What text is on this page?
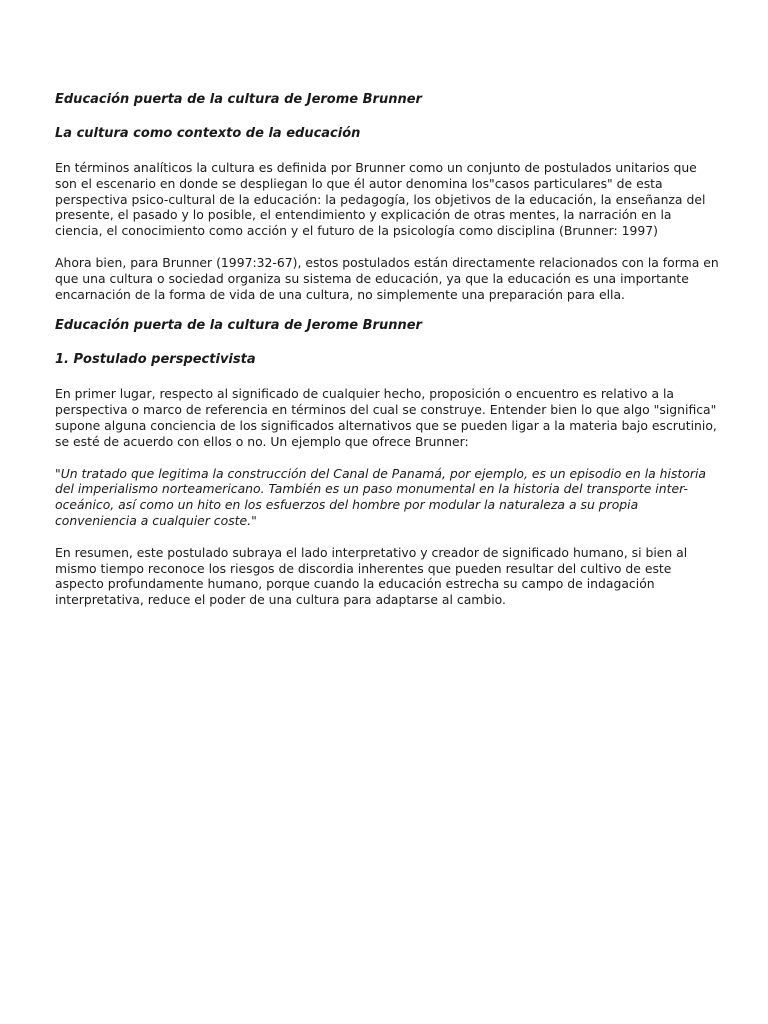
Educación puerta de la cultura de Jerome Brunner
La cultura como contexto de la educación

En términos analíticos la cultura es definida por Brunner como un conjunto de postulados unitarios que son el escenario en donde se despliegan lo que él autor denomina los"casos particulares" de esta perspectiva psico-cultural de la educación: la pedagogía, los objetivos de la educación, la enseñanza del presente, el pasado y lo posible, el entendimiento y explicación de otras mentes, la narración en la ciencia, el conocimiento como acción y el futuro de la psicología como disciplina (Brunner: 1997)

Ahora bien, para Brunner (1997:32-67), estos postulados están directamente relacionados con la forma en que una cultura o sociedad organiza su sistema de educación, ya que la educación es una importante encarnación de la forma de vida de una cultura, no simplemente una preparación para ella.

Educación puerta de la cultura de Jerome Brunner
1. Postulado perspectivista

En primer lugar, respecto al significado de cualquier hecho, proposición o encuentro es relativo a la perspectiva o marco de referencia en términos del cual se construye. Entender bien lo que algo "significa" supone alguna conciencia de los significados alternativos que se pueden ligar a la materia bajo escrutinio, se esté de acuerdo con ellos o no. Un ejemplo que ofrece Brunner:

"Un tratado que legitima la construcción del Canal de Panamá, por ejemplo, es un episodio en la historia del imperialismo norteamericano. También es un paso monumental en la historia del transporte inter-oceánico, así como un hito en los esfuerzos del hombre por modular la naturaleza a su propia conveniencia a cualquier coste."

En resumen, este postulado subraya el lado interpretativo y creador de significado humano, si bien al mismo tiempo reconoce los riesgos de discordia inherentes que pueden resultar del cultivo de este aspecto profundamente humano, porque cuando la educación estrecha su campo de indagación interpretativa, reduce el poder de una cultura para adaptarse al cambio.
